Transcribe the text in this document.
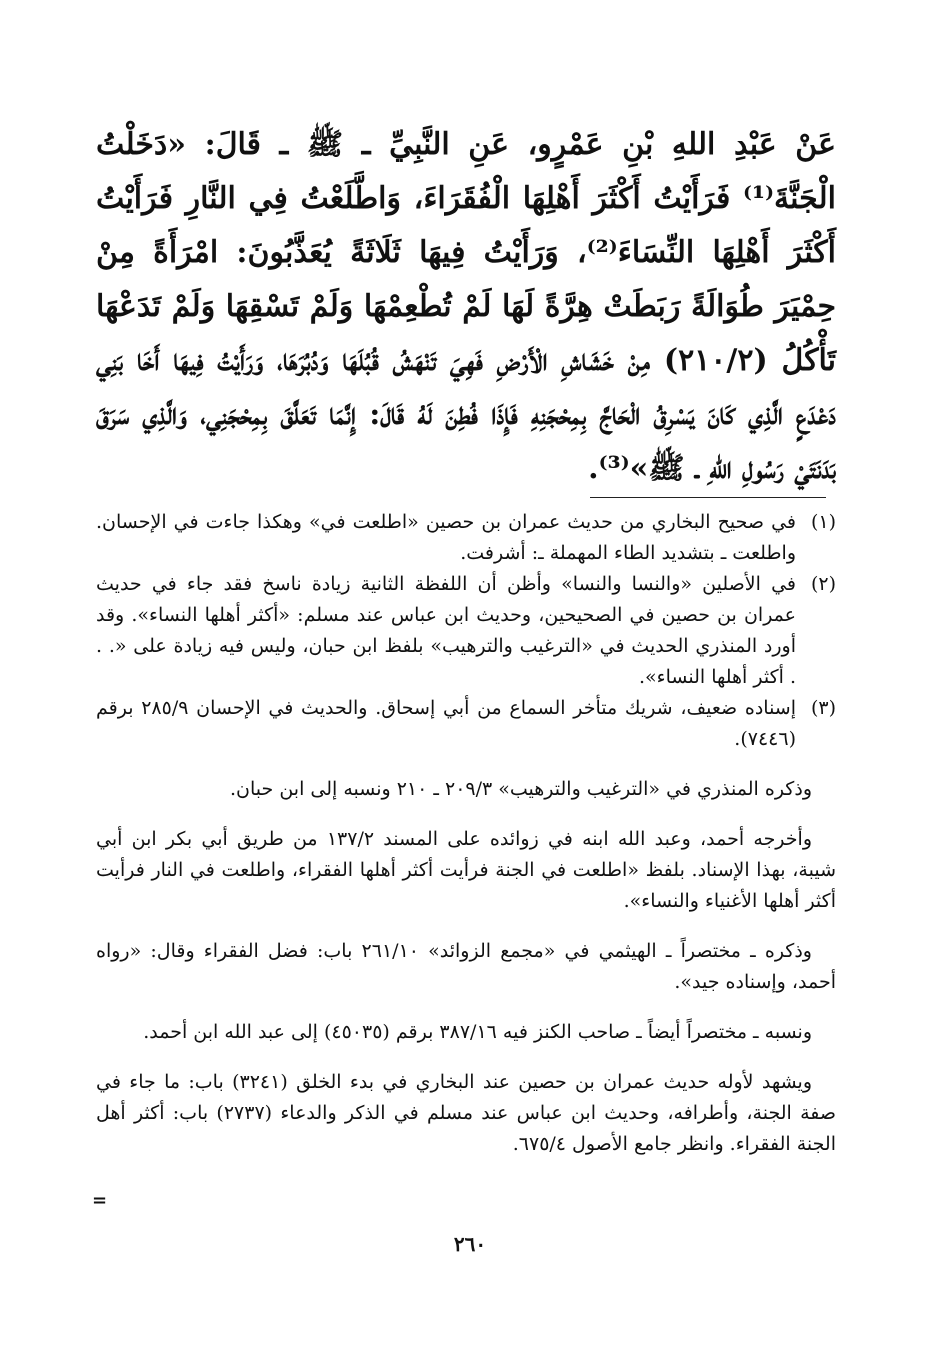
عَنْ عَبْدِ اللهِ بْنِ عَمْرٍو، عَنِ النَّبِيِّ ـ ﷺ ـ قَالَ: «دَخَلْتُ الْجَنَّةَ⁽¹⁾ فَرَأَيْتُ أَكْثَرَ أَهْلِهَا الْفُقَرَاءَ، وَاطَّلَعْتُ فِي النَّارِ فَرَأَيْتُ أَكْثَرَ أَهْلِهَا النِّسَاءَ⁽²⁾، وَرَأَيْتُ فِيهَا ثَلَاثَةً يُعَذَّبُونَ: امْرَأَةً مِنْ حِمْيَرَ طُوَالَةً رَبَطَتْ هِرَّةً لَهَا لَمْ تُطْعِمْهَا وَلَمْ تَسْقِهَا وَلَمْ تَدَعْهَا تَأْكُلُ (٢١٠/٢) مِنْ خَشَاشِ الْأَرْضِ فَهِيَ تَنْهَشُ قُبُلَهَا وَدُبُرَهَا، وَرَأَيْتُ فِيهَا أَخَا بَنِي دَعْدَعٍ الَّذِي كَانَ يَسْرِقُ الْحَاجَّ بِمِحْجَنِهِ فَإِذَا فُطِنَ لَهُ قَالَ: إِنَّمَا تَعَلَّقَ بِمِحْجَنِي، وَالَّذِي سَرَقَ بَدَنَتَيْ رَسُولِ اللهِ ـ ﷺ»⁽³⁾.

(١)

في صحيح البخاري من حديث عمران بن حصين «اطلعت في» وهكذا جاءت في الإحسان. واطلعت ـ بتشديد الطاء المهملة ـ: أشرفت.

(٢)

في الأصلين «والنسا والنسا» وأظن أن اللفظة الثانية زيادة ناسخ فقد جاء في حديث عمران بن حصين في الصحيحين، وحديث ابن عباس عند مسلم: «أكثر أهلها النساء». وقد أورد المنذري الحديث في «الترغيب والترهيب» بلفظ ابن حبان، وليس فيه زيادة على «. . . أكثر أهلها النساء».

(٣)

إسناده ضعيف، شريك متأخر السماع من أبي إسحاق. والحديث في الإحسان ٢٨٥/٩ برقم (٧٤٤٦).

وذكره المنذري في «الترغيب والترهيب» ٢٠٩/٣ ـ ٢١٠ ونسبه إلى ابن حبان.

وأخرجه أحمد، وعبد الله ابنه في زوائده على المسند ١٣٧/٢ من طريق أبي بكر ابن أبي شيبة، بهذا الإسناد. بلفظ «اطلعت في الجنة فرأيت أكثر أهلها الفقراء، واطلعت في النار فرأيت أكثر أهلها الأغنياء والنساء».

وذكره ـ مختصراً ـ الهيثمي في «مجمع الزوائد» ٢٦١/١٠ باب: فضل الفقراء وقال: «رواه أحمد، وإسناده جيد».

ونسبه ـ مختصراً أيضاً ـ صاحب الكنز فيه ٣٨٧/١٦ برقم (٤٥٠٣٥) إلى عبد الله ابن أحمد.

ويشهد لأوله حديث عمران بن حصين عند البخاري في بدء الخلق (٣٢٤١) باب: ما جاء في صفة الجنة، وأطرافه، وحديث ابن عباس عند مسلم في الذكر والدعاء (٢٧٣٧) باب: أكثر أهل الجنة الفقراء. وانظر جامع الأصول ٦٧٥/٤.

=
٢٦٠
